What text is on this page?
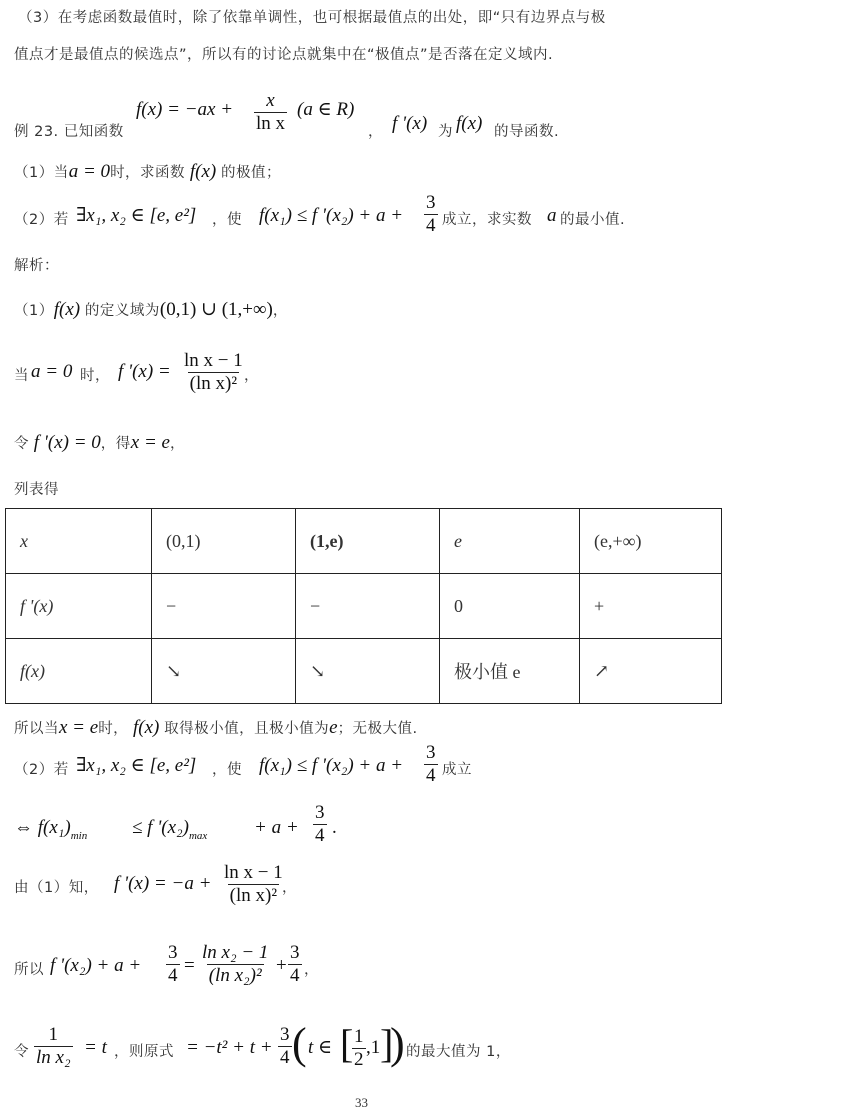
（3）在考虑函数最值时，除了依靠单调性，也可根据最值点的出处，即“只有边界点与极
值点才是最值点的候选点”，所以有的讨论点就集中在“极值点”是否落在定义域内.
例 23. 已知函数
$f(x) = -ax + \frac{x}{\text{ln x}} (a$ ∈ R)
， f '(x) 为 f(x) 的导函数.
（1）当a = 0时，求函数 f(x) 的极值；
（2）若 ∃x₁, x₂ ∈ [e, e²] ，使 f(x₁) ≤ f '$(x_2) + a + \frac{3}{4}$ 成立，求实数 a 的最小值.
解析：
（1）f(x) 的定义域为(0,1) ∪ (1,+∞)，
当 a = 0 时， f '$(x) = \frac{\text{ln x − 1}}{\text{(ln x)²}}$ ，
令 f '(x) = 0，得x = e，
列表得
x	(0,1)	(1,e)	e	(e,+∞)
f '(x)	−	−	0	+
f(x)	↘	↘	极小值 e	↗
所以当x = e时， f(x) 取得极小值，且极小值为e；无极大值.
（2）若 ∃x₁, x₂ ∈ [e, e²] ，使 f(x₁) ≤ f '$(x_2) + a + \frac{3}{4}$ 成立
⇔ $f(x_1)_{min} \le f$ '$(x_2)_{max} + a + \frac{3}{4}$ .
由（1）知， f '$(x) = -a + \frac{\text{ln x − 1}}{\text{(ln x)²}}$
，
所以 f '$(x_2) + a + \frac{3}{4} = \frac{\text{ln x₂ − 1}}{\text{(ln x₂)²}} + \frac{3}{4}$ ，
令 $\frac{1}{\text{ln x₂}} = t$ ，则原式 = $-t^2 + t + \frac{3}{4}$ ( t ∈ [
$\frac{1}{2} ,1$ ]
) 的最大值为 1，
33
